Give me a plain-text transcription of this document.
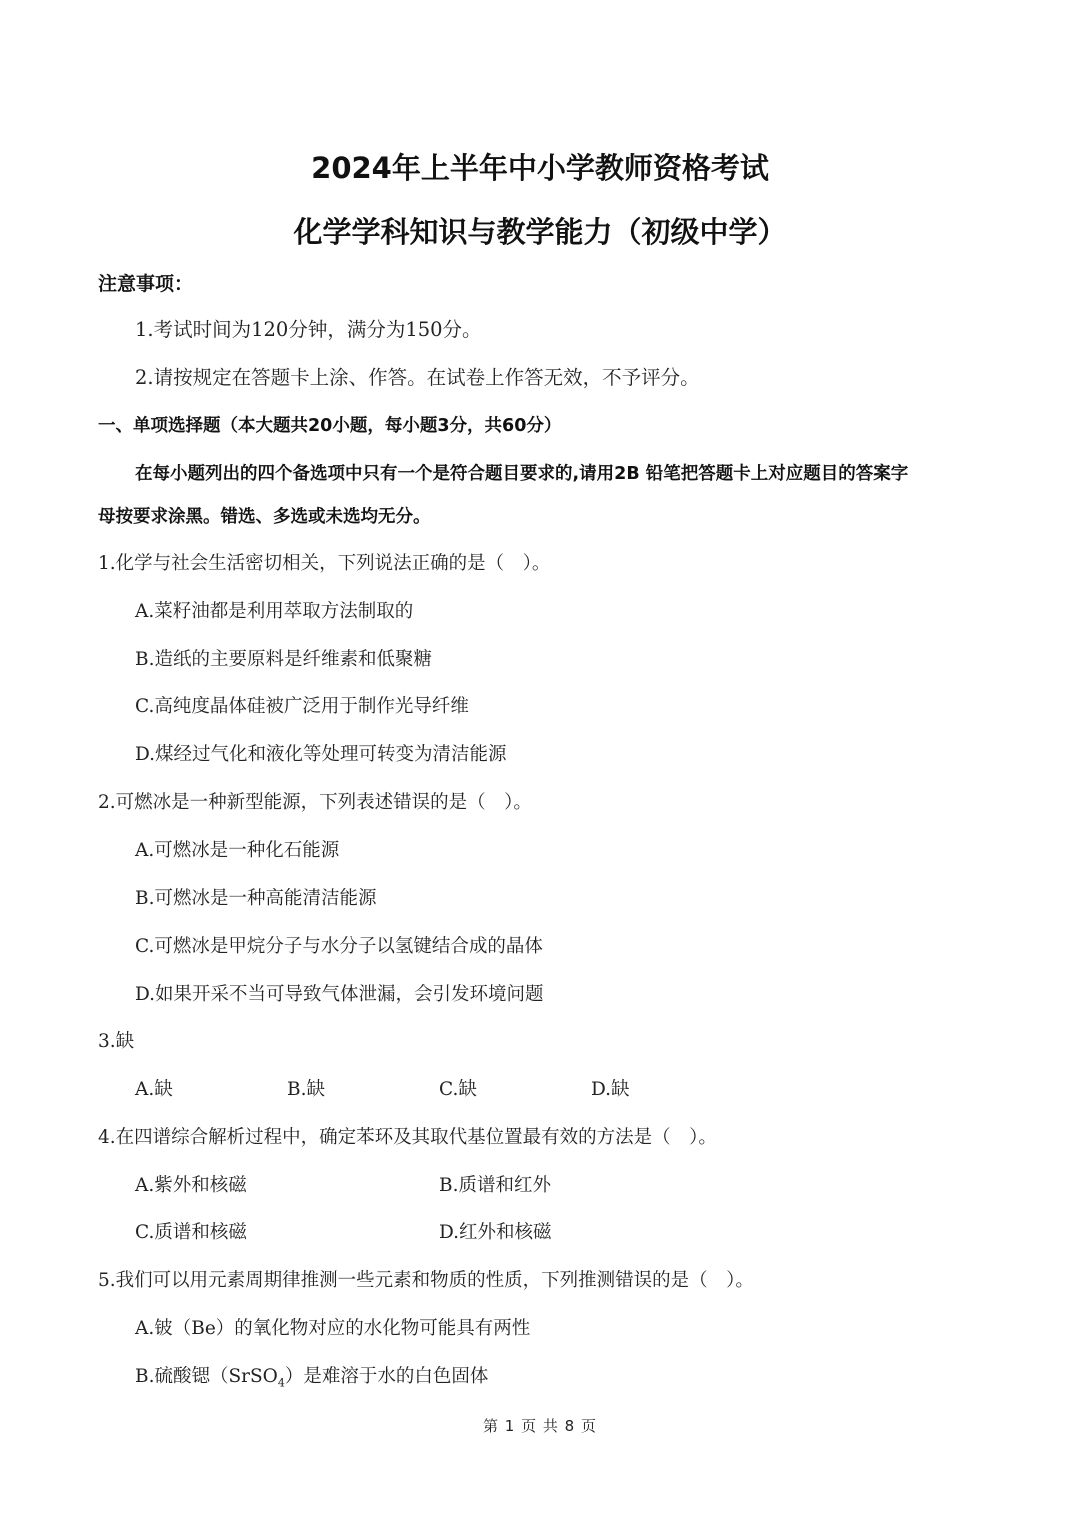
2024年上半年中小学教师资格考试
化学学科知识与教学能力（初级中学）
注意事项：
1.考试时间为120分钟，满分为150分。
2.请按规定在答题卡上涂、作答。在试卷上作答无效，不予评分。
一、单项选择题（本大题共20小题，每小题3分，共60分）
在每小题列出的四个备选项中只有一个是符合题目要求的,请用2B 铅笔把答题卡上对应题目的答案字
母按要求涂黑。错选、多选或未选均无分。
1.化学与社会生活密切相关，下列说法正确的是（　）。
A.菜籽油都是利用萃取方法制取的
B.造纸的主要原料是纤维素和低聚糖
C.高纯度晶体硅被广泛用于制作光导纤维
D.煤经过气化和液化等处理可转变为清洁能源
2.可燃冰是一种新型能源，下列表述错误的是（　）。
A.可燃冰是一种化石能源
B.可燃冰是一种高能清洁能源
C.可燃冰是甲烷分子与水分子以氢键结合成的晶体
D.如果开采不当可导致气体泄漏，会引发环境问题
3.缺
A.缺	B.缺	C.缺	D.缺
4.在四谱综合解析过程中，确定苯环及其取代基位置最有效的方法是（　）。
A.紫外和核磁	B.质谱和红外
C.质谱和核磁	D.红外和核磁
5.我们可以用元素周期律推测一些元素和物质的性质，下列推测错误的是（　）。
A.铍（Be）的氧化物对应的水化物可能具有两性
B.硫酸锶（SrSO$_4$）是难溶于水的白色固体
第 1 页 共 8 页
